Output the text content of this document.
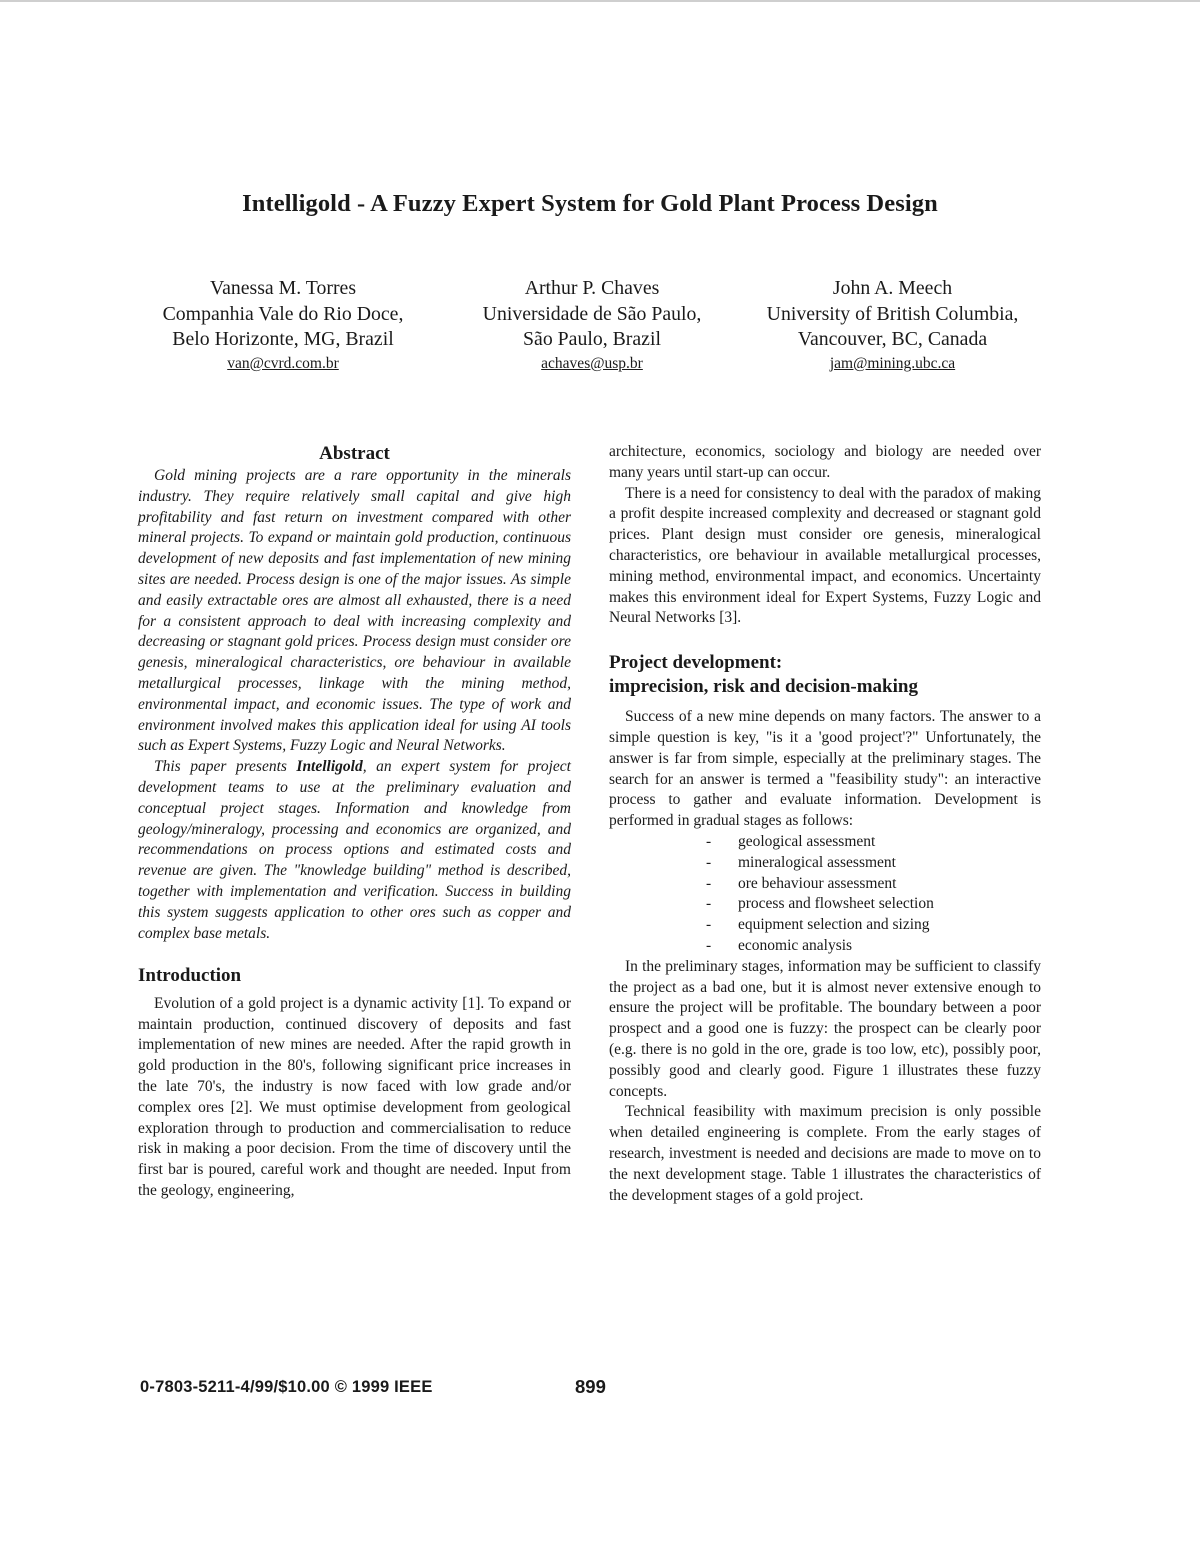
Intelligold - A Fuzzy Expert System for Gold Plant Process Design
Vanessa M. Torres
Companhia Vale do Rio Doce,
Belo Horizonte, MG, Brazil
van@cvrd.com.br
Arthur P. Chaves
Universidade de São Paulo,
São Paulo, Brazil
achaves@usp.br
John A. Meech
University of British Columbia,
Vancouver, BC, Canada
jam@mining.ubc.ca
Abstract

Gold mining projects are a rare opportunity in the minerals industry. They require relatively small capital and give high profitability and fast return on investment compared with other mineral projects. To expand or maintain gold production, continuous development of new deposits and fast implementation of new mining sites are needed. Process design is one of the major issues. As simple and easily extractable ores are almost all exhausted, there is a need for a consistent approach to deal with increasing complexity and decreasing or stagnant gold prices. Process design must consider ore genesis, mineralogical characteristics, ore behaviour in available metallurgical processes, linkage with the mining method, environmental impact, and economic issues. The type of work and environment involved makes this application ideal for using AI tools such as Expert Systems, Fuzzy Logic and Neural Networks.

This paper presents Intelligold, an expert system for project development teams to use at the preliminary evaluation and conceptual project stages. Information and knowledge from geology/mineralogy, processing and economics are organized, and recommendations on process options and estimated costs and revenue are given. The "knowledge building" method is described, together with implementation and verification. Success in building this system suggests application to other ores such as copper and complex base metals.

Introduction

Evolution of a gold project is a dynamic activity [1]. To expand or maintain production, continued discovery of deposits and fast implementation of new mines are needed. After the rapid growth in gold production in the 80's, following significant price increases in the late 70's, the industry is now faced with low grade and/or complex ores [2]. We must optimise development from geological exploration through to production and commercialisation to reduce risk in making a poor decision. From the time of discovery until the first bar is poured, careful work and thought are needed. Input from the geology, engineering,

architecture, economics, sociology and biology are needed over many years until start-up can occur.

There is a need for consistency to deal with the paradox of making a profit despite increased complexity and decreased or stagnant gold prices. Plant design must consider ore genesis, mineralogical characteristics, ore behaviour in available metallurgical processes, mining method, environmental impact, and economics. Uncertainty makes this environment ideal for Expert Systems, Fuzzy Logic and Neural Networks [3].

Project development:
imprecision, risk and decision-making

Success of a new mine depends on many factors. The answer to a simple question is key, "is it a 'good project'?" Unfortunately, the answer is far from simple, especially at the preliminary stages. The search for an answer is termed a "feasibility study": an interactive process to gather and evaluate information. Development is performed in gradual stages as follows:

- geological assessment
- mineralogical assessment
- ore behaviour assessment
- process and flowsheet selection
- equipment selection and sizing
- economic analysis

In the preliminary stages, information may be sufficient to classify the project as a bad one, but it is almost never extensive enough to ensure the project will be profitable. The boundary between a poor prospect and a good one is fuzzy: the prospect can be clearly poor (e.g. there is no gold in the ore, grade is too low, etc), possibly poor, possibly good and clearly good. Figure 1 illustrates these fuzzy concepts.

Technical feasibility with maximum precision is only possible when detailed engineering is complete. From the early stages of research, investment is needed and decisions are made to move on to the next development stage. Table 1 illustrates the characteristics of the development stages of a gold project.

0-7803-5211-4/99/$10.00 © 1999 IEEE	899
